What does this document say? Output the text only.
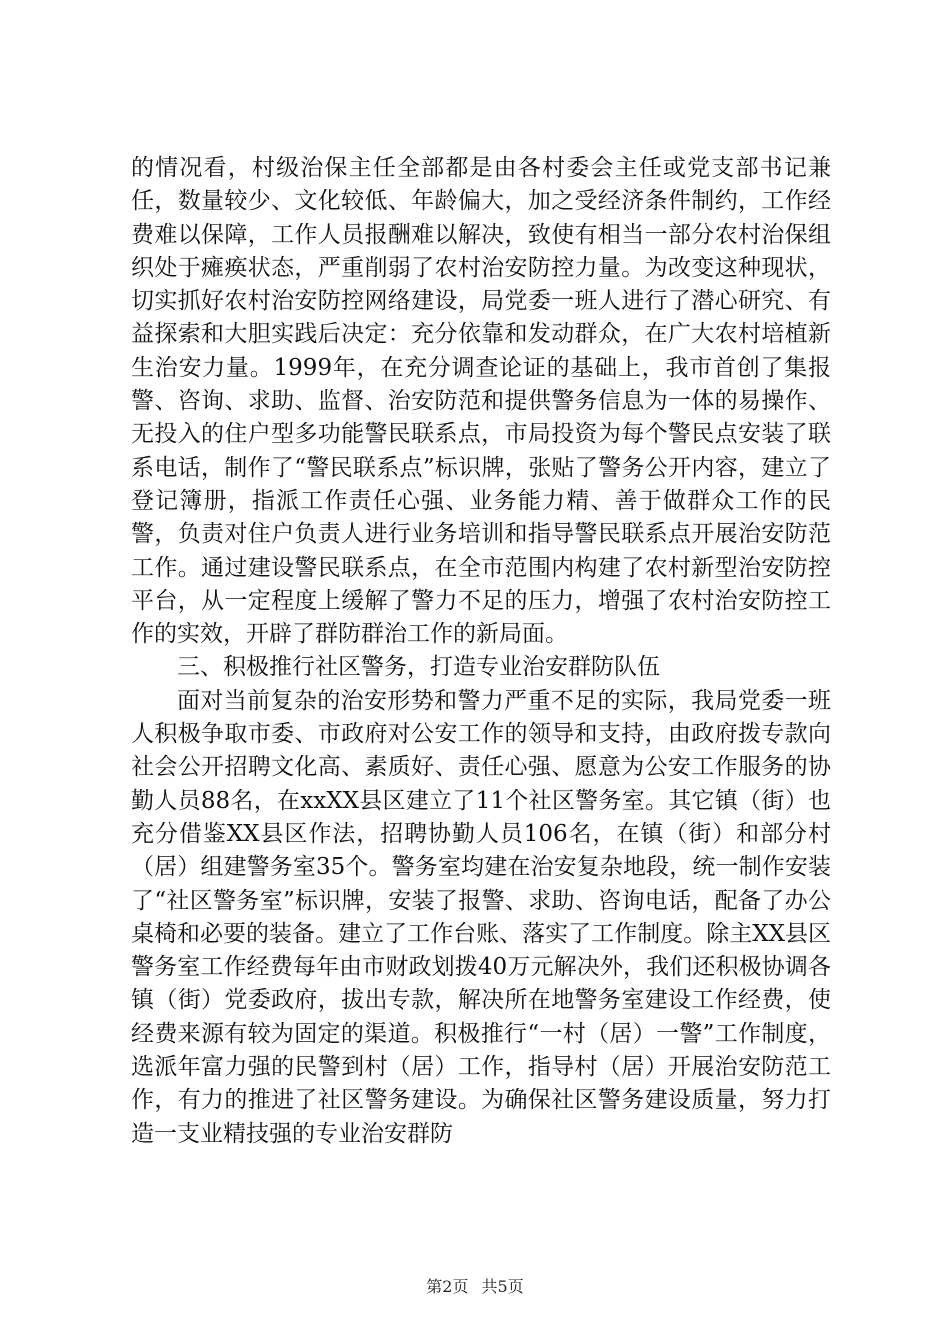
的情况看，村级治保主任全部都是由各村委会主任或党支部书记兼任，数量较少、文化较低、年龄偏大，加之受经济条件制约，工作经费难以保障，工作人员报酬难以解决，致使有相当一部分农村治保组织处于瘫痪状态，严重削弱了农村治安防控力量。为改变这种现状，切实抓好农村治安防控网络建设，局党委一班人进行了潜心研究、有益探索和大胆实践后决定：充分依靠和发动群众，在广大农村培植新生治安力量。1999年，在充分调查论证的基础上，我市首创了集报警、咨询、求助、监督、治安防范和提供警务信息为一体的易操作、无投入的住户型多功能警民联系点，市局投资为每个警民点安装了联系电话，制作了“警民联系点”标识牌，张贴了警务公开内容，建立了登记簿册，指派工作责任心强、业务能力精、善于做群众工作的民警，负责对住户负责人进行业务培训和指导警民联系点开展治安防范工作。通过建设警民联系点，在全市范围内构建了农村新型治安防控平台，从一定程度上缓解了警力不足的压力，增强了农村治安防控工作的实效，开辟了群防群治工作的新局面。

三、积极推行社区警务，打造专业治安群防队伍

面对当前复杂的治安形势和警力严重不足的实际，我局党委一班人积极争取市委、市政府对公安工作的领导和支持，由政府拨专款向社会公开招聘文化高、素质好、责任心强、愿意为公安工作服务的协勤人员88名，在xxXX县区建立了11个社区警务室。其它镇（街）也充分借鉴XX县区作法，招聘协勤人员106名，在镇（街）和部分村（居）组建警务室35个。警务室均建在治安复杂地段，统一制作安装了“社区警务室”标识牌，安装了报警、求助、咨询电话，配备了办公桌椅和必要的装备。建立了工作台账、落实了工作制度。除主XX县区警务室工作经费每年由市财政划拨40万元解决外，我们还积极协调各镇（街）党委政府，拔出专款，解决所在地警务室建设工作经费，使经费来源有较为固定的渠道。积极推行“一村（居）一警”工作制度，选派年富力强的民警到村（居）工作，指导村（居）开展治安防范工作，有力的推进了社区警务建设。为确保社区警务建设质量，努力打造一支业精技强的专业治安群防

第2页 共5页
